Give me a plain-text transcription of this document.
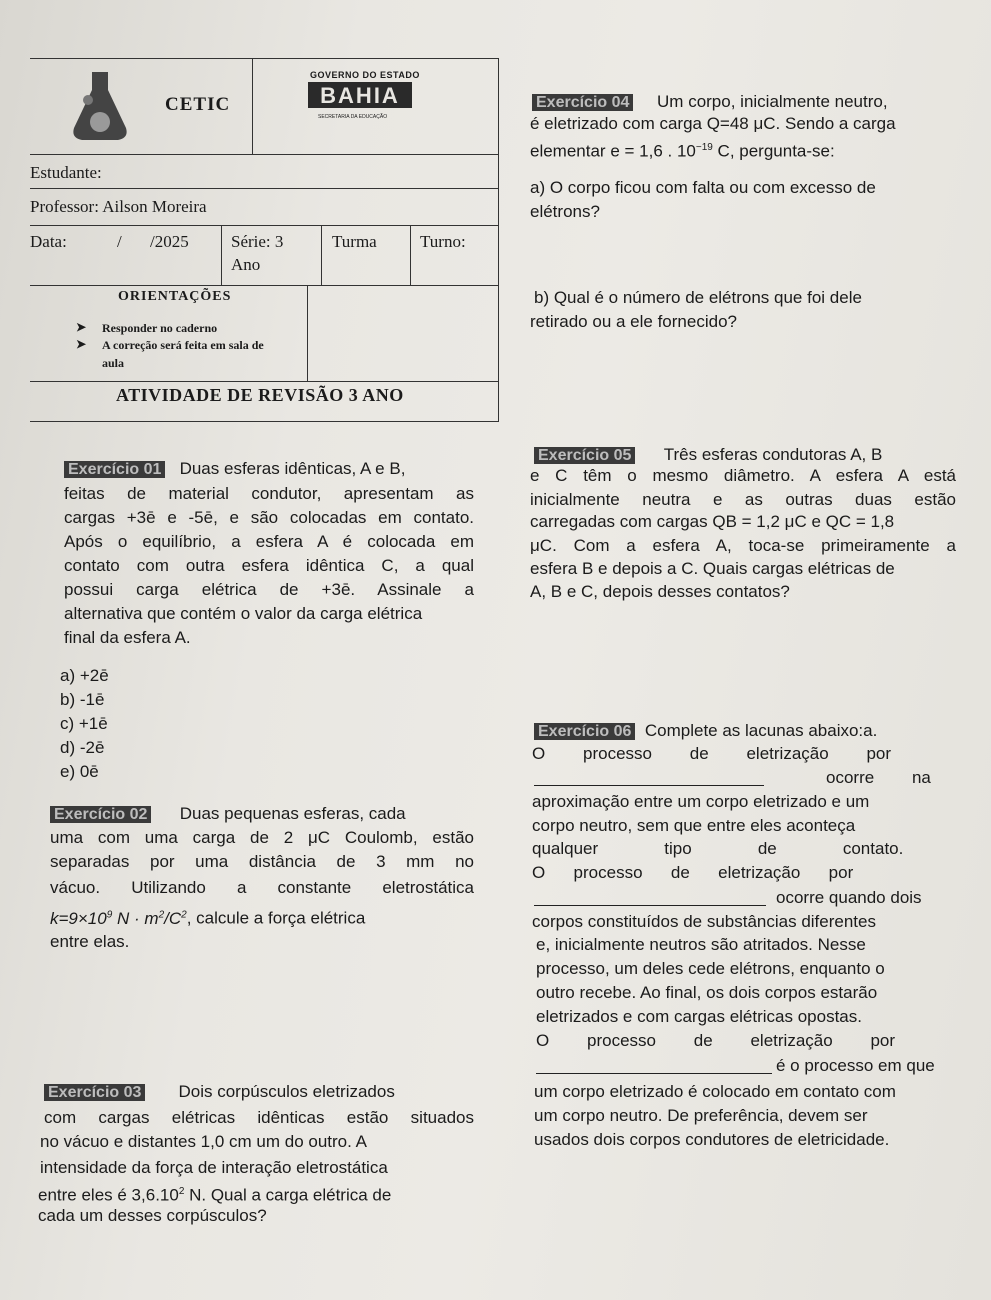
CETIC
GOVERNO DO ESTADO
BAHIA
SECRETARIA DA EDUCAÇÃO
Estudante:
Professor: Ailson Moreira
Data:	/ /2025 Série: 3
Ano
Turma	Turno:
ORIENTAÇÕES
➤ Responder no caderno
➤ A correção será feita em sala de
aula
ATIVIDADE DE REVISÃO 3 ANO
Exercício 01 Duas esferas idênticas, A e B,
feitas de material condutor, apresentam as
cargas +3ē e -5ē, e são colocadas em contato.
Após o equilíbrio, a esfera A é colocada em
contato com outra esfera idêntica C, a qual
possui carga elétrica de +3ē. Assinale a
alternativa que contém o valor da carga elétrica
final da esfera A.
a) +2ē
b) -1ē
c) +1ē
d) -2ē
e) 0ē
Exercício 02 Duas pequenas esferas, cada
uma com uma carga de 2 μC Coulomb, estão
separadas por uma distância de 3 mm no
vácuo. Utilizando a constante eletrostática
$k=9\times 10^9$ $N \cdot m^2/C^2$, calcule a força elétrica
entre elas.
Exercício 03 Dois corpúsculos eletrizados
com cargas elétricas idênticas estão situados
no vácuo e distantes 1,0 cm um do outro. A
intensidade da força de interação eletrostática
entre eles é 3,6.10$^2$ N. Qual a carga elétrica de
cada um desses corpúsculos?
Exercício 04 Um corpo, inicialmente neutro,
é eletrizado com carga Q=48 μC. Sendo a carga
elementar e = 1,6 . $10^{-19}$ C, pergunta-se:
a) O corpo ficou com falta ou com excesso de
elétrons?
b) Qual é o número de elétrons que foi dele
retirado ou a ele fornecido?
Exercício 05 Três esferas condutoras A, B
e C têm o mesmo diâmetro. A esfera A está
inicialmente neutra e as outras duas estão
carregadas com cargas QB = 1,2 μC e QC = 1,8
μC. Com a esfera A, toca-se primeiramente a
esfera B e depois a C. Quais cargas elétricas de
A, B e C, depois desses contatos?
Exercício 06 Complete as lacunas abaixo:a.
O        processo        de        eletrização        por
ocorre        na
aproximação entre um corpo eletrizado e um
corpo neutro, sem que entre eles aconteça
qualquer              tipo              de              contato.
O      processo      de      eletrização      por
ocorre quando dois
corpos constituídos de substâncias diferentes
e, inicialmente neutros são atritados. Nesse
processo, um deles cede elétrons, enquanto o
outro recebe. Ao final, os dois corpos estarão
eletrizados e com cargas elétricas opostas.
O        processo        de        eletrização        por
é o processo em que
um corpo eletrizado é colocado em contato com
um corpo neutro. De preferência, devem ser
usados dois corpos condutores de eletricidade.
